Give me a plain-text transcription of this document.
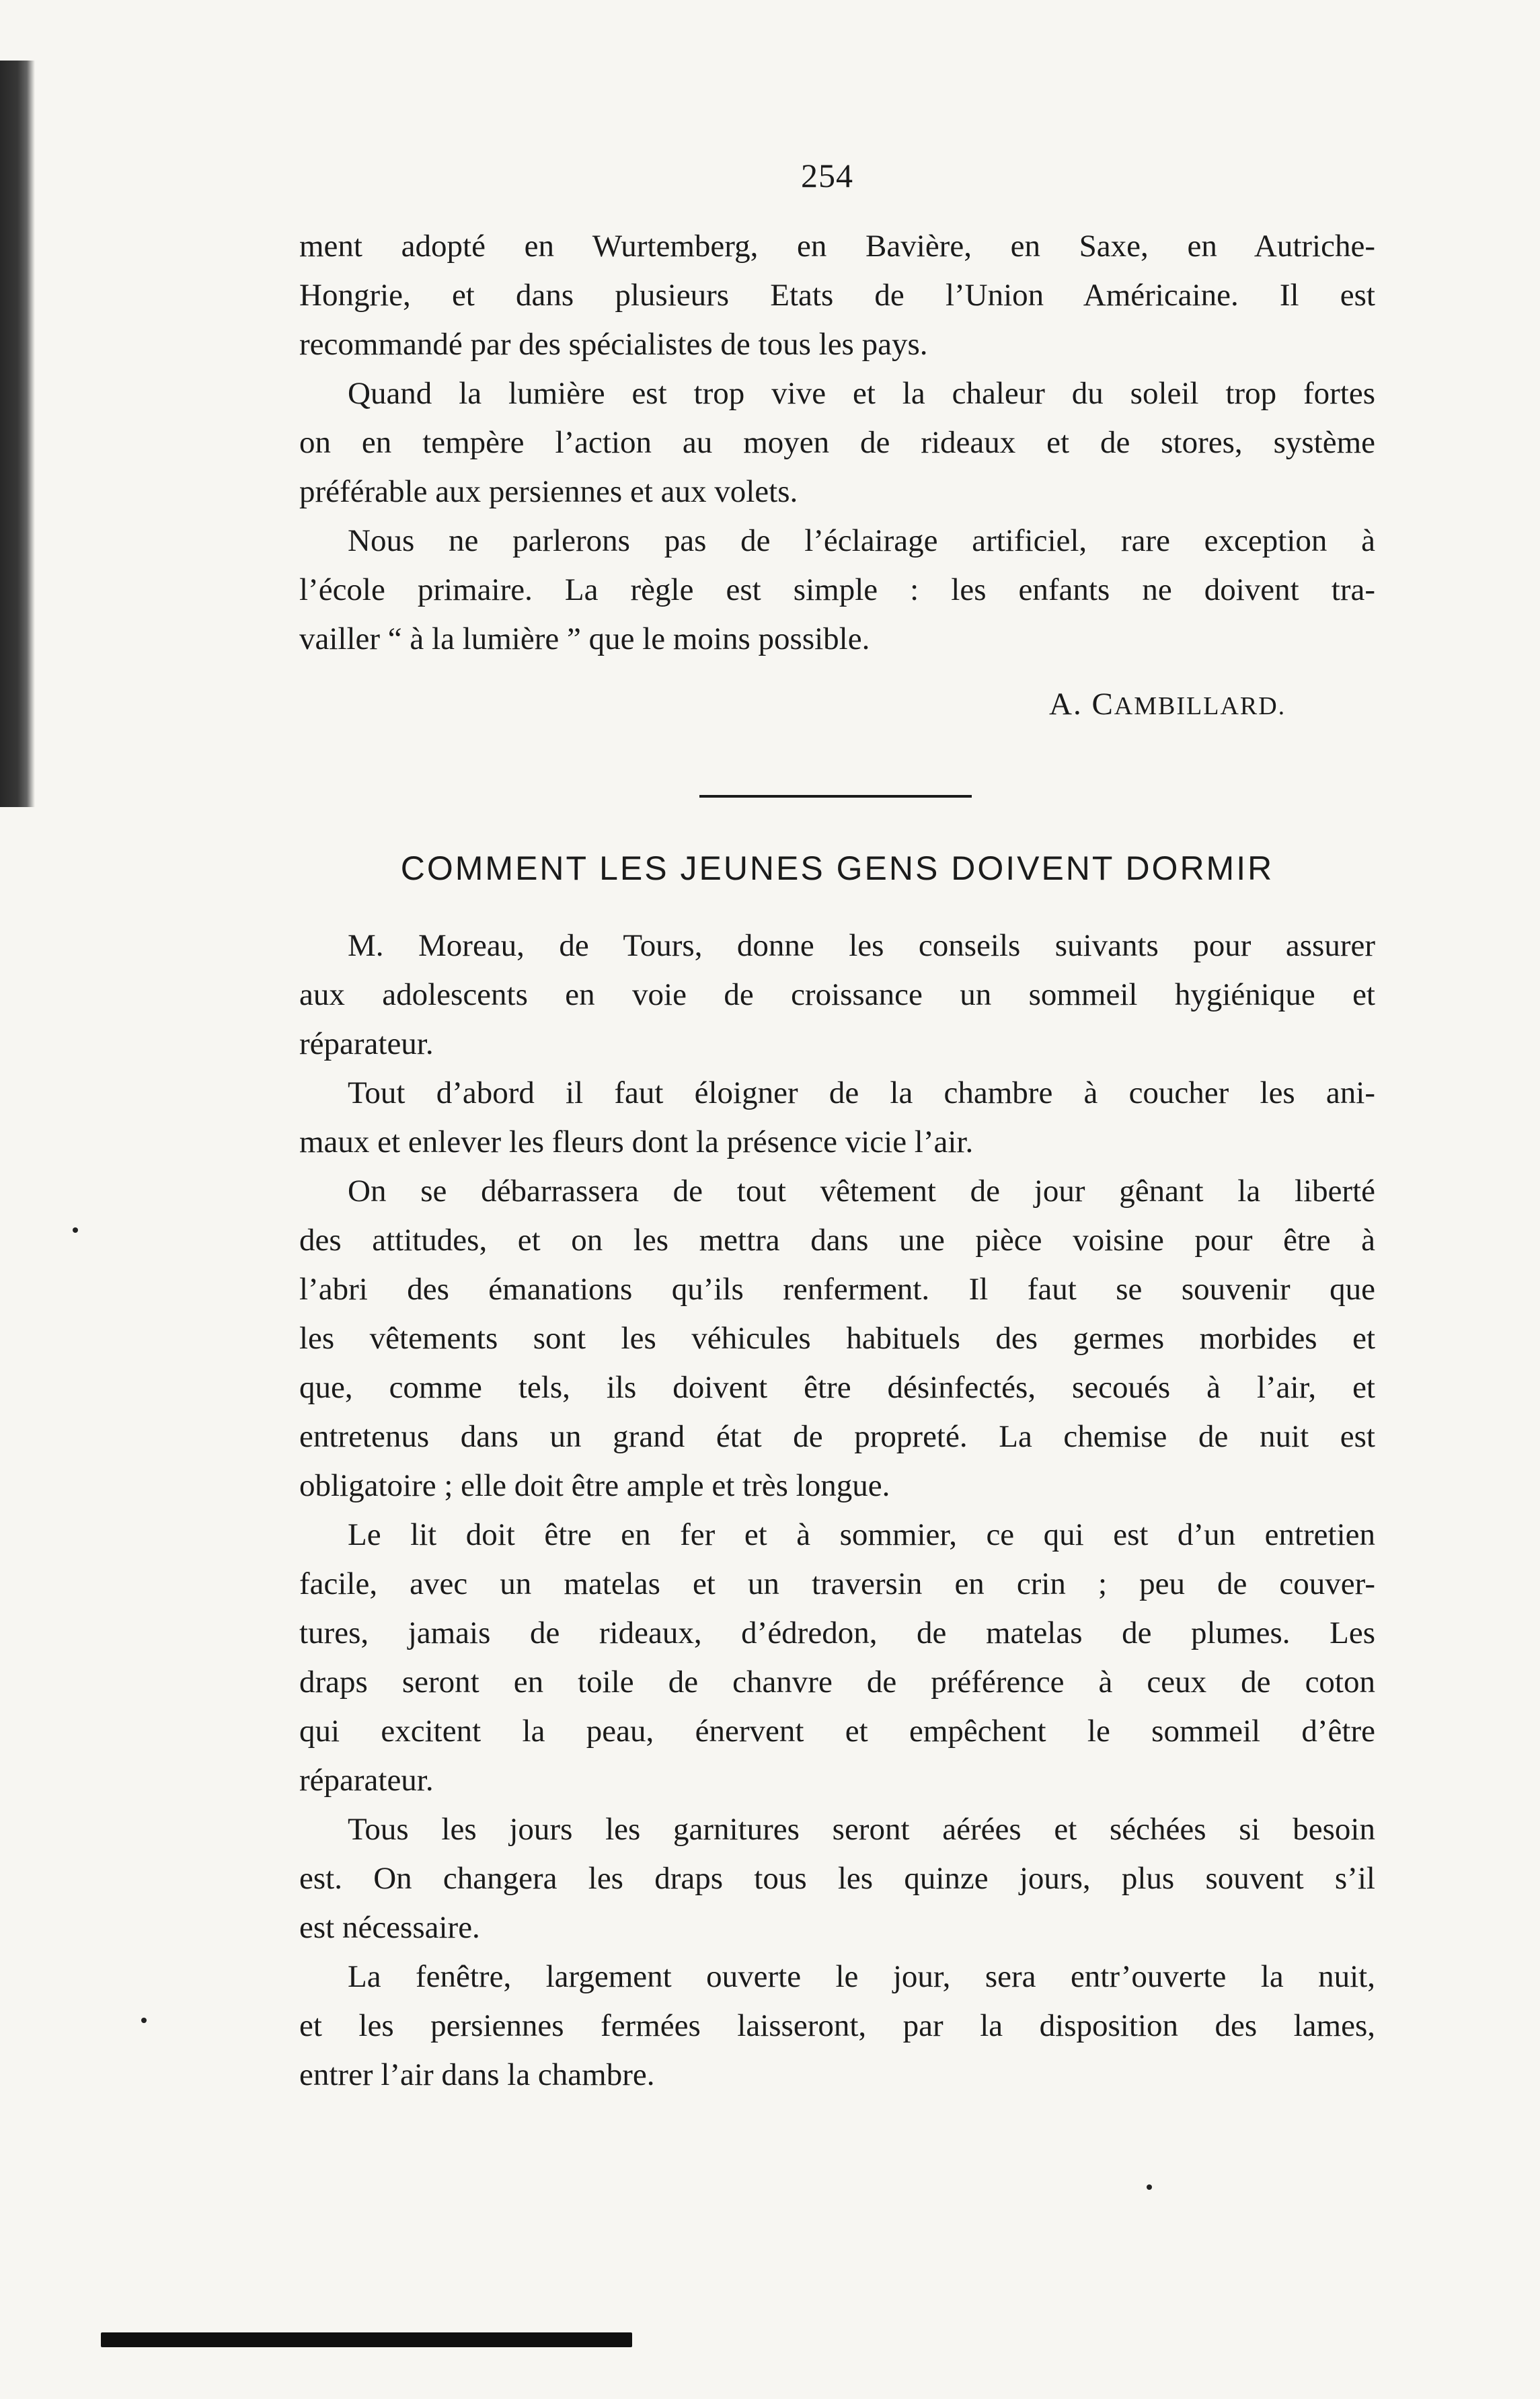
254
ment adopté en Wurtemberg, en Bavière, en Saxe, en Autriche-
Hongrie, et dans plusieurs Etats de l’Union Américaine. Il est
recommandé par des spécialistes de tous les pays.
Quand la lumière est trop vive et la chaleur du soleil trop fortes
on en tempère l’action au moyen de rideaux et de stores, système
préférable aux persiennes et aux volets.
Nous ne parlerons pas de l’éclairage artificiel, rare exception à
l’école primaire. La règle est simple : les enfants ne doivent tra-
vailler “ à la lumière ” que le moins possible.
A. CAMBILLARD.
COMMENT LES JEUNES GENS DOIVENT DORMIR
M. Moreau, de Tours, donne les conseils suivants pour assurer
aux adolescents en voie de croissance un sommeil hygiénique et
réparateur.
Tout d’abord il faut éloigner de la chambre à coucher les ani-
maux et enlever les fleurs dont la présence vicie l’air.
On se débarrassera de tout vêtement de jour gênant la liberté
des attitudes, et on les mettra dans une pièce voisine pour être à
l’abri des émanations qu’ils renferment. Il faut se souvenir que
les vêtements sont les véhicules habituels des germes morbides et
que, comme tels, ils doivent être désinfectés, secoués à l’air, et
entretenus dans un grand état de propreté. La chemise de nuit est
obligatoire ; elle doit être ample et très longue.
Le lit doit être en fer et à sommier, ce qui est d’un entretien
facile, avec un matelas et un traversin en crin ; peu de couver-
tures, jamais de rideaux, d’édredon, de matelas de plumes. Les
draps seront en toile de chanvre de préférence à ceux de coton
qui excitent la peau, énervent et empêchent le sommeil d’être
réparateur.
Tous les jours les garnitures seront aérées et séchées si besoin
est. On changera les draps tous les quinze jours, plus souvent s’il
est nécessaire.
La fenêtre, largement ouverte le jour, sera entr’ouverte la nuit,
et les persiennes fermées laisseront, par la disposition des lames,
entrer l’air dans la chambre.
